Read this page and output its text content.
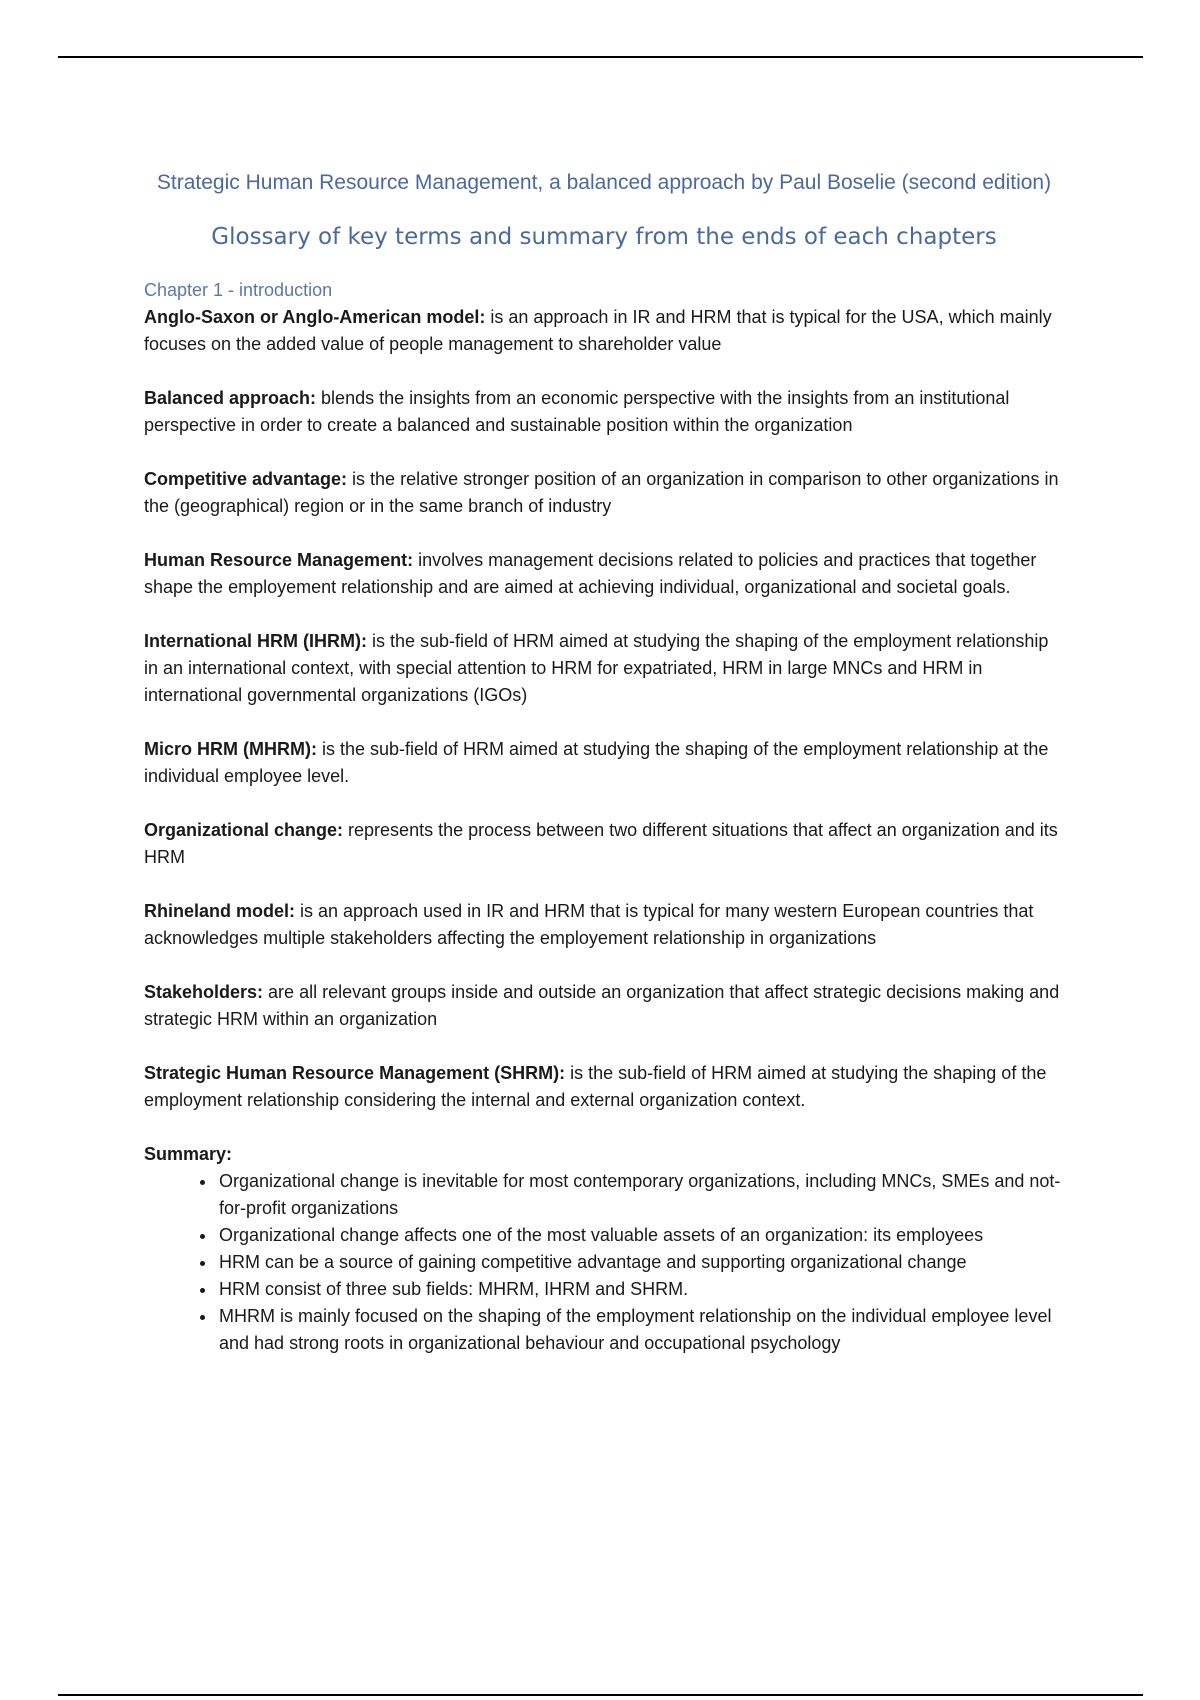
Strategic Human Resource Management, a balanced approach by Paul Boselie (second edition)

Glossary of key terms and summary from the ends of each chapters

Chapter 1 - introduction

Anglo-Saxon or Anglo-American model: is an approach in IR and HRM that is typical for the USA, which mainly focuses on the added value of people management to shareholder value

Balanced approach: blends the insights from an economic perspective with the insights from an institutional perspective in order to create a balanced and sustainable position within the organization

Competitive advantage: is the relative stronger position of an organization in comparison to other organizations in the (geographical) region or in the same branch of industry

Human Resource Management: involves management decisions related to policies and practices that together shape the employement relationship and are aimed at achieving individual, organizational and societal goals.

International HRM (IHRM): is the sub-field of HRM aimed at studying the shaping of the employment relationship in an international context, with special attention to HRM for expatriated, HRM in large MNCs and HRM in international governmental organizations (IGOs)

Micro HRM (MHRM): is the sub-field of HRM aimed at studying the shaping of the employment relationship at the individual employee level.

Organizational change: represents the process between two different situations that affect an organization and its HRM

Rhineland model: is an approach used in IR and HRM that is typical for many western European countries that acknowledges multiple stakeholders affecting the employement relationship in organizations

Stakeholders: are all relevant groups inside and outside an organization that affect strategic decisions making and strategic HRM within an organization

Strategic Human Resource Management (SHRM): is the sub-field of HRM aimed at studying the shaping of the employment relationship considering the internal and external organization context.

Summary:

• Organizational change is inevitable for most contemporary organizations, including MNCs, SMEs and not-for-profit organizations
• Organizational change affects one of the most valuable assets of an organization: its employees
• HRM can be a source of gaining competitive advantage and supporting organizational change
• HRM consist of three sub fields: MHRM, IHRM and SHRM.
• MHRM is mainly focused on the shaping of the employment relationship on the individual employee level and had strong roots in organizational behaviour and occupational psychology
